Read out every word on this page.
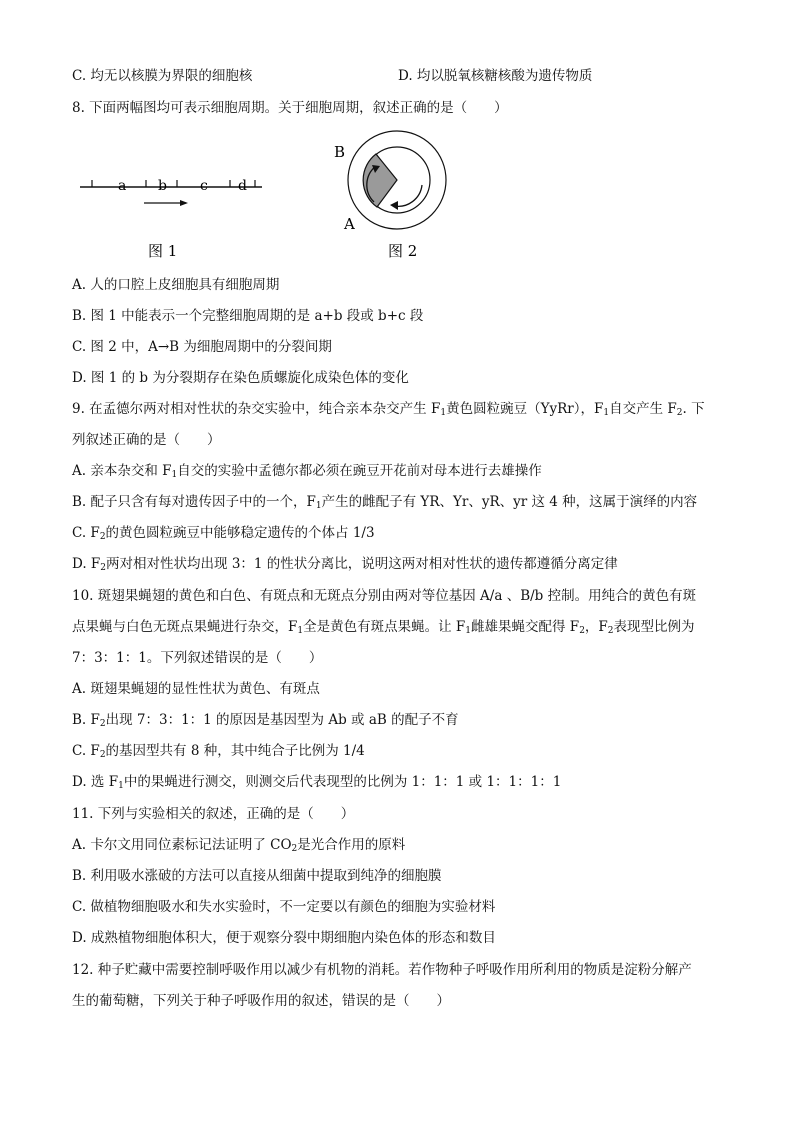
C. 均无以核膜为界限的细胞核	D. 均以脱氧核糖核酸为遗传物质
8. 下面两幅图均可表示细胞周期。关于细胞周期，叙述正确的是（　　）
a b c d
图 1
B
A
图 2
A. 人的口腔上皮细胞具有细胞周期
B. 图 1 中能表示一个完整细胞周期的是 a+b 段或 b+c 段
C. 图 2 中，A→B 为细胞周期中的分裂间期
D. 图 1 的 b 为分裂期存在染色质螺旋化成染色体的变化
9. 在孟德尔两对相对性状的杂交实验中，纯合亲本杂交产生 $F_1$黄色圆粒豌豆（YyRr），$F_1$自交产生 $F_2$. 下
列叙述正确的是（　　）
A. 亲本杂交和 $F_1$自交的实验中孟德尔都必须在豌豆开花前对母本进行去雄操作
B. 配子只含有每对遗传因子中的一个，$F_1$产生的雌配子有 YR、Yr、yR、yr 这 4 种，这属于演绎的内容
C. $F_2$的黄色圆粒豌豆中能够稳定遗传的个体占 1/3
D. $F_2$两对相对性状均出现 3：1 的性状分离比，说明这两对相对性状的遗传都遵循分离定律
10. 斑翅果蝇翅的黄色和白色、有斑点和无斑点分别由两对等位基因 A/a 、B/b 控制。用纯合的黄色有斑
点果蝇与白色无斑点果蝇进行杂交，$F_1$全是黄色有斑点果蝇。让 $F_1$雌雄果蝇交配得 $F_2$，$F_2$表现型比例为
7：3：1：1。下列叙述错误的是（　　）
A. 斑翅果蝇翅的显性性状为黄色、有斑点
B. $F_2$出现 7：3：1：1 的原因是基因型为 Ab 或 aB 的配子不育
C. $F_2$的基因型共有 8 种，其中纯合子比例为 1/4
D. 选 $F_1$中的果蝇进行测交，则测交后代表现型的比例为 1：1：1 或 1：1：1：1
11. 下列与实验相关的叙述，正确的是（　　）
A. 卡尔文用同位素标记法证明了 $CO_2$是光合作用的原料
B. 利用吸水涨破的方法可以直接从细菌中提取到纯净的细胞膜
C. 做植物细胞吸水和失水实验时，不一定要以有颜色的细胞为实验材料
D. 成熟植物细胞体积大，便于观察分裂中期细胞内染色体的形态和数目
12. 种子贮藏中需要控制呼吸作用以减少有机物的消耗。若作物种子呼吸作用所利用的物质是淀粉分解产
生的葡萄糖，下列关于种子呼吸作用的叙述，错误的是（　　）
